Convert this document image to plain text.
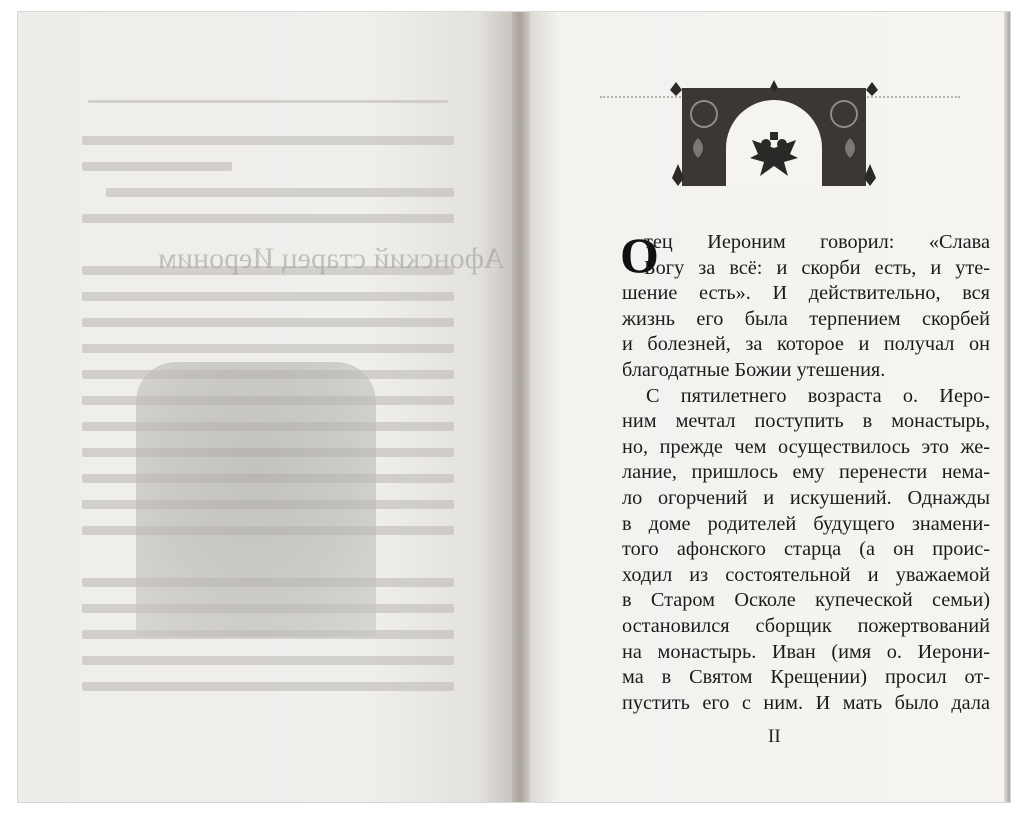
Афонский старец Иероним О
тец Иероним говорил: «Слава
Богу за всё: и скорби есть, и уте-
шение есть». И действительно, вся
жизнь его была терпением скорбей
и болезней, за которое и получал он
благодатные Божии утешения.
С пятилетнего возраста о. Иеро-
ним мечтал поступить в монастырь,
но, прежде чем осуществилось это же-
лание, пришлось ему перенести нема-
ло огорчений и искушений. Однажды
в доме родителей будущего знамени-
того афонского старца (а он проис-
ходил из состоятельной и уважаемой
в Старом Осколе купеческой семьи)
остановился сборщик пожертвований
на монастырь. Иван (имя о. Иерони-
ма в Святом Крещении) просил от-
пустить его с ним. И мать было дала
II
